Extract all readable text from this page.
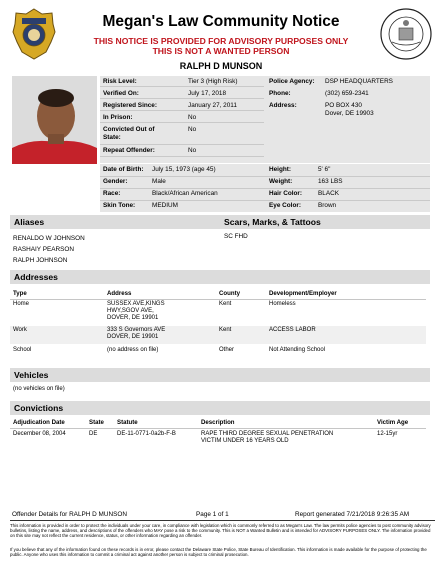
Megan's Law Community Notice
THIS NOTICE IS PROVIDED FOR ADVISORY PURPOSES ONLY
THIS IS NOT A WANTED PERSON
RALPH D MUNSON
Risk Level:	Tier 3 (High Risk)
Verified On:	July 17, 2018
Registered Since:	January 27, 2011
In Prison:	No
Convicted Out of State:
No
Repeat Offender:	No
Police Agency: DSP HEADQUARTERS
Phone:	(302) 659-2341
Address:	PO BOX 430
Dover, DE 19903
Date of Birth: July 15, 1973 (age 45)
Gender:	Male
Race:	Black/African American
Skin Tone:	MEDIUM
Height:	5' 6"
Weight:	163 LBS
Hair Color: BLACK
Eye Color:	Brown
Aliases	Scars, Marks, & Tattoos
RENALDO W JOHNSON
RASHAIY PEARSON
RALPH JOHNSON
SC FHD
Addresses
Type	Address	County	Development/Employer
Home	SUSSEX AVE,KINGS
HWY,SGOV AVE,
DOVER, DE 19901
Kent	Homeless
Work	333 S Governors AVE
DOVER, DE 19901
Kent	ACCESS LABOR
School	(no address on file)	Other	Not Attending School
Vehicles
(no vehicles on file)
Convictions
Adjudication Date	State Statute	Description	Victim Age
December 08, 2004	DE	DE-11-0771-0a2b-F-B	RAPE THIRD DEGREE SEXUAL PENETRATION
VICTIM UNDER 16 YEARS OLD
12-15yr
Offender Details for RALPH D MUNSON	Page 1 of 1	Report generated 7/21/2018 9:26:35 AM
This information is provided in order to protect the individuals under your care, in compliance with legislation which is commonly referred to as Megan's Law. The law permits police agencies to post community advisory bulletins, listing the name, address, and descriptions of the offenders who MAY pose a risk to the community. This is NOT a Wanted Bulletin and is intended for ADVISORY PURPOSES ONLY. The information provided on this site may not reflect the current residence, status, or other information regarding an offender.
If you believe that any of the information found on these records is in error, please contact the Delaware State Police, State Bureau of Identification. This information is made available for the purpose of protecting the public. Anyone who uses this information to commit a criminal act against another person is subject to criminal prosecution.
